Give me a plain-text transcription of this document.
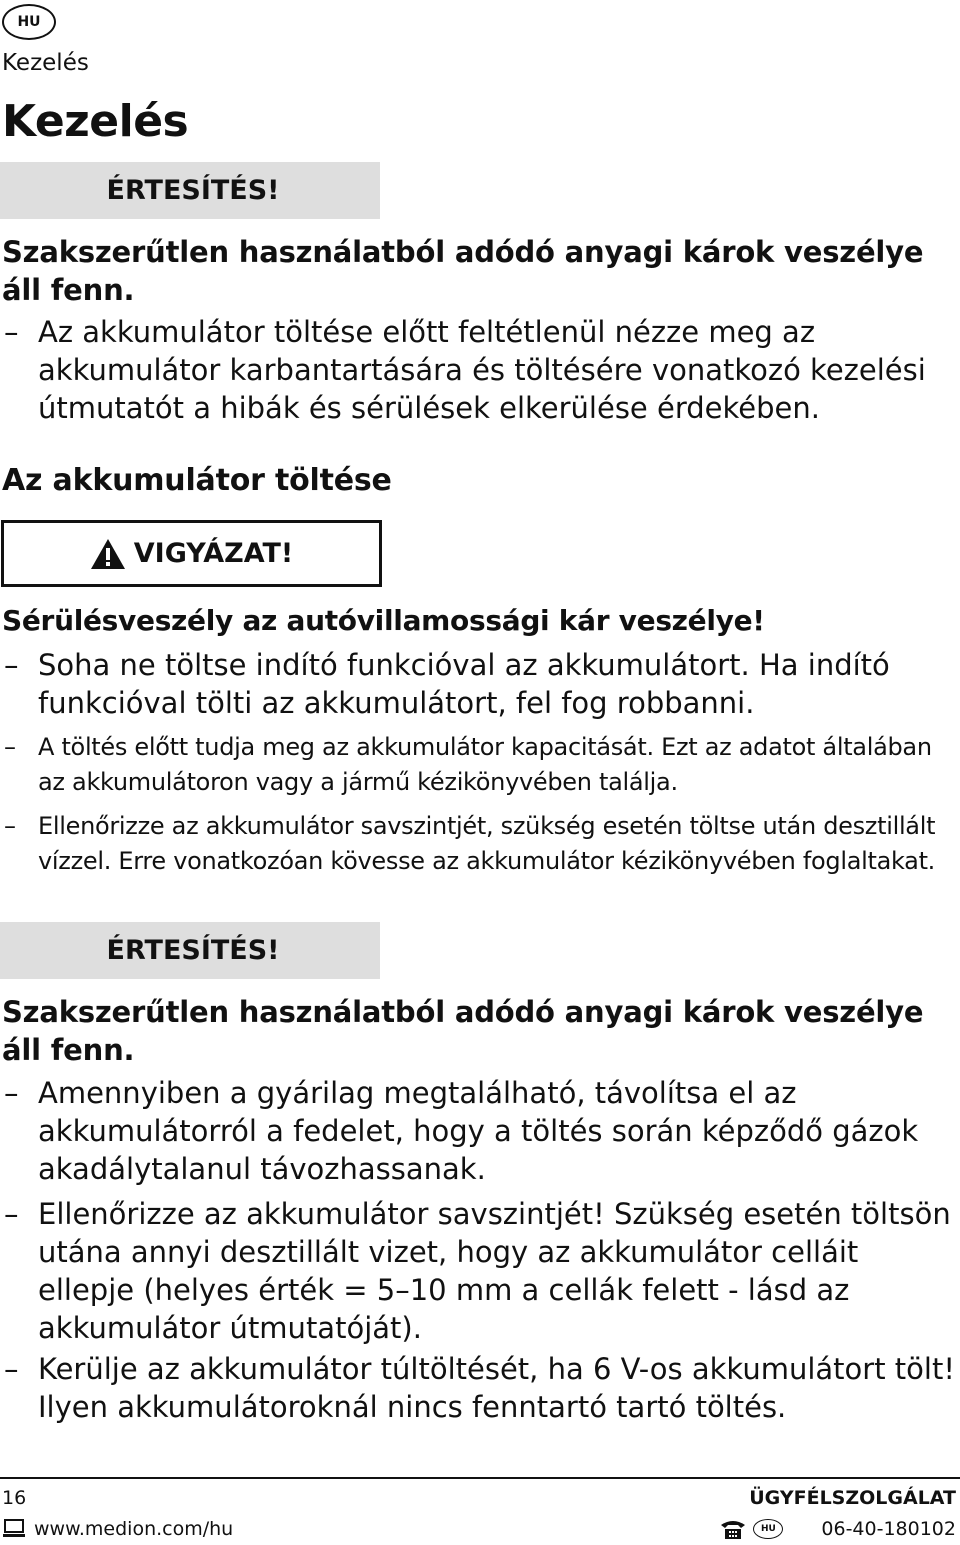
HU
Kezelés
Kezelés
ÉRTESÍTÉS!
Szakszerűtlen használatból adódó anyagi károk veszélye áll fenn.
– Az akkumulátor töltése előtt feltétlenül nézze meg az akkumulátor karbantartására és töltésére vonatkozó kezelési útmutatót a hibák és sérülések elkerülése érdekében.
Az akkumulátor töltése
VIGYÁZAT!
Sérülésveszély az autóvillamossági kár veszélye!
– Soha ne töltse indító funkcióval az akkumulátort. Ha indító funkcióval tölti az akkumulátort, fel fog robbanni.
– A töltés előtt tudja meg az akkumulátor kapacitását. Ezt az adatot általában az akkumulátoron vagy a jármű kézikönyvében találja.
– Ellenőrizze az akkumulátor savszintjét, szükség esetén töltse után desztillált vízzel. Erre vonatkozóan kövesse az akkumulátor kézikönyvében foglaltakat.
ÉRTESÍTÉS!
Szakszerűtlen használatból adódó anyagi károk veszélye áll fenn.
– Amennyiben a gyárilag megtalálható, távolítsa el az akkumulátorról a fedelet, hogy a töltés során képződő gázok akadálytalanul távozhassanak.
– Ellenőrizze az akkumulátor savszintjét! Szükség esetén töltsön utána annyi desztillált vizet, hogy az akkumulátor celláit ellepje (helyes érték = 5–10 mm a cellák felett - lásd az akkumulátor útmutatóját).
– Kerülje az akkumulátor túltöltését, ha 6 V-os akkumulátort tölt! Ilyen akkumulátoroknál nincs fenntartó tartó töltés.
16	ÜGYFÉLSZOLGÁLAT
www.medion.com/hu	HU	06-40-180102
